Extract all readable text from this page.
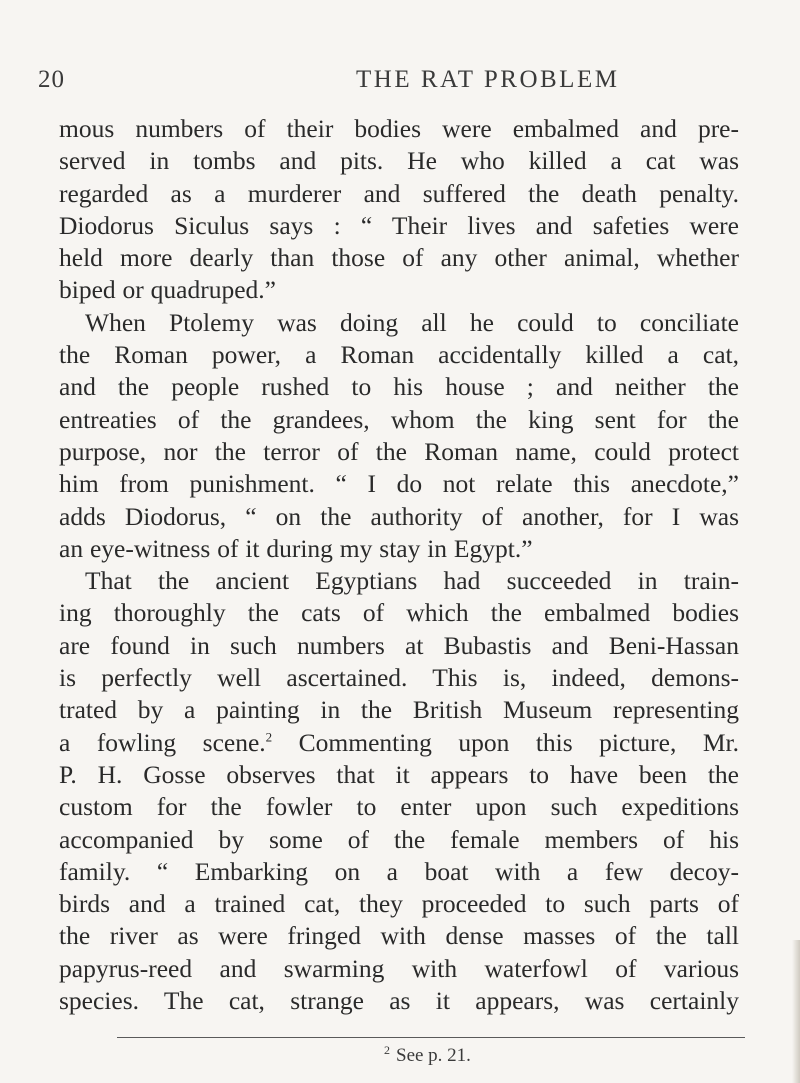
20	THE RAT PROBLEM
mous numbers of their bodies were embalmed and pre-
served in tombs and pits. He who killed a cat was
regarded as a murderer and suffered the death penalty.
Diodorus Siculus says : “ Their lives and safeties were
held more dearly than those of any other animal, whether
biped or quadruped.”
When Ptolemy was doing all he could to conciliate
the Roman power, a Roman accidentally killed a cat,
and the people rushed to his house ; and neither the
entreaties of the grandees, whom the king sent for the
purpose, nor the terror of the Roman name, could protect
him from punishment. “ I do not relate this anecdote,”
adds Diodorus, “ on the authority of another, for I was
an eye-witness of it during my stay in Egypt.”
That the ancient Egyptians had succeeded in train-
ing thoroughly the cats of which the embalmed bodies
are found in such numbers at Bubastis and Beni-Hassan
is perfectly well ascertained. This is, indeed, demons-
trated by a painting in the British Museum representing
a fowling scene.$^2$ Commenting upon this picture, Mr.
P. H. Gosse observes that it appears to have been the
custom for the fowler to enter upon such expeditions
accompanied by some of the female members of his
family. “ Embarking on a boat with a few decoy-
birds and a trained cat, they proceeded to such parts of
the river as were fringed with dense masses of the tall
papyrus-reed and swarming with waterfowl of various
species. The cat, strange as it appears, was certainly
$^2$ See p. 21.
